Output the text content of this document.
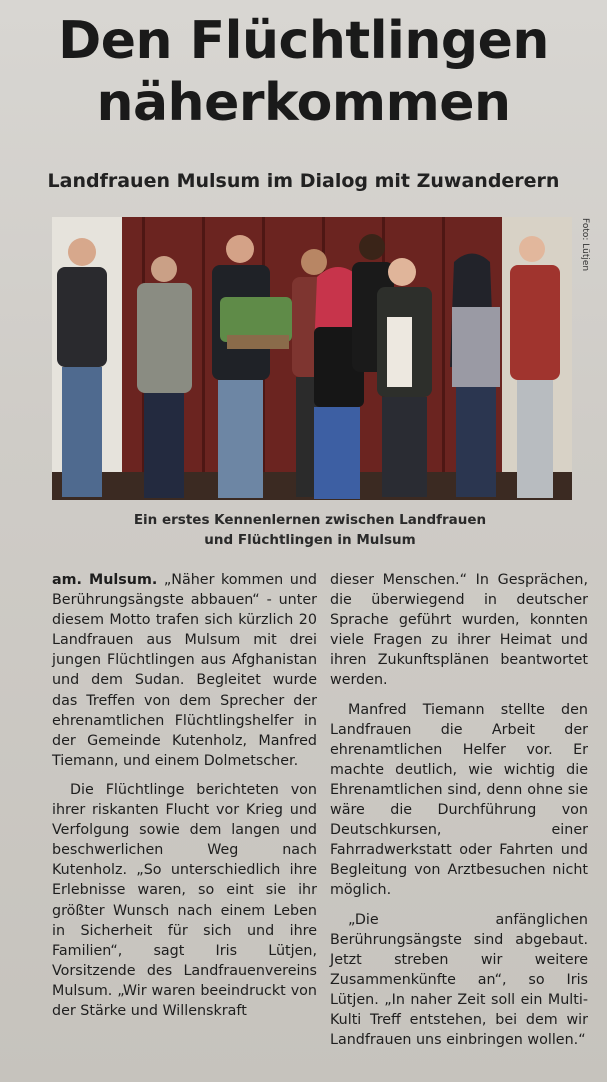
Den Flüchtlingen
näherkommen
Landfrauen Mulsum im Dialog mit Zuwanderern
Foto: Lütjen
Ein erstes Kennenlernen zwischen Landfrauen
und Flüchtlingen in Mulsum

am. Mulsum. „Näher kommen und Berührungsängste abbauen“ - unter diesem Motto trafen sich kürzlich 20 Landfrauen aus Mulsum mit drei jungen Flüchtlingen aus Afghanistan und dem Sudan. Begleitet wurde das Treffen von dem Sprecher der ehrenamtlichen Flüchtlingshelfer in der Gemeinde Kutenholz, Manfred Tiemann, und einem Dolmetscher.

Die Flüchtlinge berichteten von ihrer riskanten Flucht vor Krieg und Verfolgung sowie dem langen und beschwerlichen Weg nach Kutenholz. „So unterschiedlich ihre Erlebnisse waren, so eint sie ihr größter Wunsch nach einem Leben in Sicherheit für sich und ihre Familien“, sagt Iris Lütjen, Vorsitzende des Landfrauenvereins Mulsum. „Wir waren beeindruckt von der Stärke und Willenskraft

dieser Menschen.“ In Gesprächen, die überwiegend in deutscher Sprache geführt wurden, konnten viele Fragen zu ihrer Heimat und ihren Zukunftsplänen beantwortet werden.

Manfred Tiemann stellte den Landfrauen die Arbeit der ehrenamtlichen Helfer vor. Er machte deutlich, wie wichtig die Ehrenamtlichen sind, denn ohne sie wäre die Durchführung von Deutschkursen, einer Fahrradwerkstatt oder Fahrten und Begleitung von Arztbesuchen nicht möglich.

„Die anfänglichen Berührungsängste sind abgebaut. Jetzt streben wir weitere Zusammenkünfte an“, so Iris Lütjen. „In naher Zeit soll ein Multi-Kulti Treff entstehen, bei dem wir Landfrauen uns einbringen wollen.“
